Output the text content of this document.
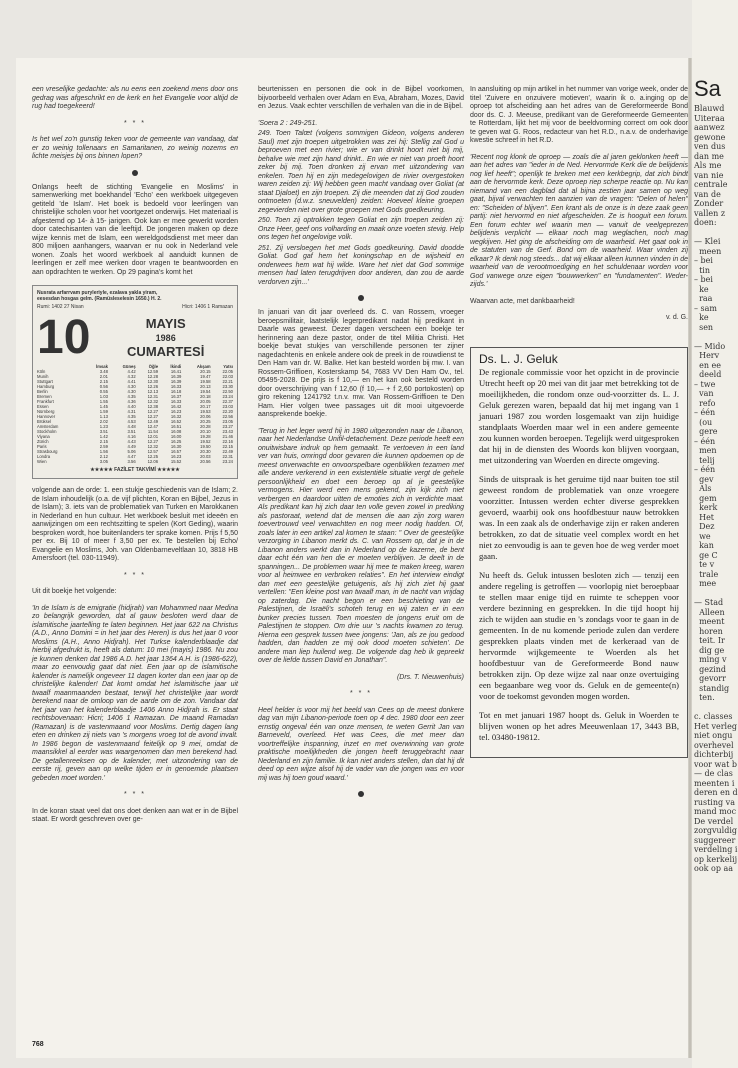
een vreselijke gedachte: als nu eens een zoekend mens door ons gedrag was afgeschrikt en de kerk en het Evangelie voor altijd de rug had toegekeerd!

* * *

Is het wel zo'n gunstig teken voor de gemeente van vandaag, dat er zo weinig tollenaars en Samaritanen, zo weinig nozems en lichte meisjes bij ons binnen lopen?

Onlangs heeft de stichting 'Evangelie en Moslims' in samenwerking met boekhandel 'Echo' een werkboek uitgegeven getiteld 'de Islam'. Het boek is bedoeld voor leerlingen van christelijke scholen voor het voortgezet onderwijs. Het materiaal is afgestemd op 14- à 15- jarigen. Ook kan er mee gewerkt worden door catechisanten van die leeftijd. De jongeren maken op deze wijze kennis met de Islam, een wereldgodsdienst met meer dan 800 miljoen aanhangers, waarvan er nu ook in Nederland vele wonen. Zoals het woord werkboek al aanduidt kunnen de leerlingen er zelf mee werken door vragen te beantwoorden en aan opdrachten te werken. Op 29 pagina's komt het

Nusrata arfarrvam puryleriyle, ezalava yakla yiram,
eesesdan hosgas gelm. (Ramüsleselesin 1650.) H. 2.
Rumi: 1402 27 Nisan	Hicri: 1406 1 Ramazan
10	MAYIS
1986
CUMARTESİ
	İmsak	Güneş	Öğle	İkindi	Akşam	Yatsı
Köln	3.48	4.42	12.59	16.41	20.15	22.05
Munih	2.01	4.32	12.28	16.39	19.47	22.03
Stuttgart	2.15	4.41	12.30	16.39	19.58	22.21
Hamburg	0.56	4.30	12.26	16.33	20.13	23.30
Berlin	0.55	4.30	12.13	16.18	19.54	22.50
Bremen	1.03	4.35	12.31	16.37	20.18	23.24
Frankfurt	1.55	4.36	12.32	16.33	20.05	22.37
Essen	1.45	4.40	12.38	16.42	20.17	23.03
Nürnberg	1.59	4.31	12.27	16.23	19.53	22.20
Hannover	1.13	4.35	12.27	16.32	20.06	22.56
Brüksel	2.02	4.53	12.49	16.52	20.25	23.05
Amsterdam	1.23	4.48	12.47	16.51	20.28	23.27
Stockholm	3.51	3.51	11.54	16.08	20.10	23.43
Viyana	1.42	4.16	12.01	16.00	19.28	21.46
Zürich	2.15	4.43	12.27	16.25	19.52	22.16
Paris	2.59	4.49	12.32	16.30	19.50	22.15
Strasbourg	1.56	5.06	12.57	16.57	20.30	22.49
Londra	2.12	4.47	12.25	16.23	20.03	22.31
Wien	3.05	3.56	12.06	15.52	20.56	23.24
★★★★★ FAZİLET TAKVİMİ ★★★★★

volgende aan de orde: 1. een stukje geschiedenis van de Islam; 2. de Islam inhoudelijk (o.a. de vijf plichten, Koran en Bijbel, Jezus in de Islam); 3. iets van de problematiek van Turken en Marokkanen in Nederland en hun cultuur. Het werkboek besluit met ideeën en aanwijzingen om een rechtszitting te spelen (Kort Geding), waarin besproken wordt, hoe buitenlanders ter sprake komen. Prijs f 5,50 per ex. Bij 10 of meer f 3,50 per ex. Te bestellen bij Echo/ Evangelie en Moslims, Joh. van Oldenbarneveltlaan 10, 3818 HB Amersfoort (tel. 030-11949).

* * *

Uit dit boekje het volgende:

'In de Islam is de emigratie (hidjrah) van Mohammed naar Medina zo belangrijk geworden, dat al gauw besloten werd daar de islamitische jaartelling te laten beginnen. Het jaar 622 na Christus (A.D., Anno Domini = in het jaar des Heren) is dus het jaar 0 voor Moslims (A.H., Anno Hidjrah). Het Turkse kalenderblaadje dat hierbij afgedrukt is, heeft als datum: 10 mei (mayis) 1986. Nu zou je kunnen denken dat 1986 A.D. het jaar 1364 A.H. is (1986-622), maar zo eenvoudig gaat dat niet. Een jaar op de islamitische kalender is namelijk ongeveer 11 dagen korter dan een jaar op de christelijke kalender! Dat komt omdat het islamitische jaar uit twaalf maanmaanden bestaat, terwijl het christelijke jaar wordt berekend naar de omloop van de aarde om de zon. Vandaar dat het jaar van het kalenderblaadje 1406 Anno Hidjrah is. Er staat rechtsbovenaan: Hicri; 1406 1 Ramazan. De maand Ramadan (Ramazan) is de vastenmaand voor Moslims. Dertig dagen lang eten en drinken zij niets van 's morgens vroeg tot de avond invalt. In 1986 begon de vastenmaand feitelijk op 9 mei, omdat de maansikkel al eerder was waargenomen dan men berekend had. De getallenreeksen op de kalender, met uitzondering van de eerste rij, geven aan op welke tijden er in genoemde plaatsen gebeden moet worden.'

* * *

In de koran staat veel dat ons doet denken aan wat er in de Bijbel staat. Er wordt geschreven over ge-

beurtenissen en personen die ook in de Bijbel voorkomen, bijvoorbeeld verhalen over Adam en Eva, Abraham, Mozes, David en Jezus. Vaak echter verschillen de verhalen van die in de Bijbel.

'Soera 2 : 249-251.

249. Toen Talœt (volgens sommigen Gideon, volgens anderen Saul) met zijn troepen uitgetrokken was zei hij: Stellig zal God u beproeven met een rivier; wie er van drinkt hoort niet bij mij, behalve wie met zijn hand drinkt.. En wie er niet van proeft hoort zeker bij mij. Toen dronken zij ervan met uitzondering van enkelen. Toen hij en zijn medegelovigen de rivier overgestoken waren zeiden zij: Wij hebben geen macht vandaag over Goliat (at staat Djaloet) en zijn troepen. Zij die meenden dat zij God zouden ontmoeten (d.w.z. sneuvelden) zeiden: Hoeveel kleine groepen zegevierden niet over grote groepen met Gods goedkeuring.

250. Toen zij optrokken tegen Goliat en zijn troepen zeiden zij: Onze Heer, geef ons volharding en maak onze voeten stevig. Help ons tegen het ongelovige volk.

251. Zij versloegen het met Gods goedkeuring. David doodde Goliat. God gaf hem het koningschap en de wijsheid en onderwees hem wat hij wilde. Ware het niet dat God sommige mensen had laten terugdrijven door anderen, dan zou de aarde verdorven zijn...'

In januari van dit jaar overleed ds. C. van Rossem, vroeger beroepsmilitair, laatstelijk legerpredikant nadat hij predikant in Daarle was geweest. Dezer dagen verscheen een boekje ter herinnering aan deze pastor, onder de titel Militia Christi. Het boekje bevat stukjes van verschillende personen ter zijner nagedachtenis en enkele andere ook de preek in de rouwdienst te Den Ham van dr. W. Balke. Het kan besteld worden bij mw. I. van Rossem-Griffioen, Kosterskamp 54, 7683 VV Den Ham Ov., tel. 05495-2028. De prijs is f 10,— en het kan ook besteld worden door overschrijving van f 12,60 (f 10,— + f 2,60 portokosten) op giro rekening 1241792 t.n.v. mw. Van Rossem-Griffioen te Den Ham. Hier volgen twee passages uit dit mooi uitgevoerde aansprekende boekje.

'Terug in het leger werd hij in 1980 uitgezonden naar de Libanon, naar het Nederlandse Unifil-detachement. Deze periode heeft een onuitwisbare indruk op hem gemaakt. Te vertoeven in een land ver van huis, omringd door gevaren die kunnen opdoemen op de meest onverwachte en onvoorspelbare ogenblikken tezamen met alle andere verkerend in een existentiële situatie vergt de gehele persoonlijkheid en doet een beroep op al je geestelijke vermogens. Hier werd een mens gekend, zijn kijk zich niet verbergen en daardoor uitten de emoties zich in verdichte maat. Als predikant kan hij zich daar ten volle geven zowel in prediking als pastoraat, wetend dat de mensen die aan zijn zorg waren toevertrouwd veel verwachtten en nog meer nodig hadden. Of, zoals later in een artikel zal komen te staan: " Over de geestelijke verzorging in Libanon merkt ds. C. van Rossem op, dat je in de Libanon anders werkt dan in Nederland op de kazerne, de bent daar echt één van hen die er moeten verblijven. Je deelt in de spanningen... De problemen waar hij mee te maken kreeg, waren voor al heimwee en verbroken relaties". En het interview eindigt dan met een geestelijke getuigenis, als hij zich ziet hij gaat vertellen: "Een kleine post van twaalf man, in de nacht van vrijdag op zaterdag. Die nacht begon er een beschieting van de Palestijnen, de Israëli's schoteh terug en wij zaten er in een bunker precies tussen. Toen moesten de jongens eruit om de Palestijnen te stoppen. Om drie uur 's nachts kwamen zo terug. Hierna een gesprek tussen twee jongens: 'Jan, als ze jou gedood hadden, dan hadden ze mij ook dood moeten schieten'. De andere man liep huilend weg. De volgende dag heb ik gepreekt over de liefde tussen David en Jonathan".

(Drs. T. Nieuwenhuis)
* * *

Heel helder is voor mij het beeld van Cees op de meest donkere dag van mijn Libanon-periode toen op 4 dec. 1980 door een zeer ernstig ongeval één van onze mensen, te weten Gerrit Jan van Barneveld, overleed. Het was Cees, die met meer dan voortreffelijke inspanning, inzet en met overwinning van grote praktische moeilijkheden die jongen heeft teruggebracht naar Nederland en zijn familie. Ik kan niet anders stellen, dan dat hij dit deed op een wijze alsof hij de vader van die jongen was en voor mij was hij toen goud waard.'

In aansluiting op mijn artikel in het nummer van vorige week, onder de titel 'Zuivere en onzuivere motieven', waarin ik o. a.inging op de oproep tot afscheiding aan het adres van de Gereformeerde Bond door ds. C. J. Meeuse, predikant van de Gereformeerde Gemeenten te Rotterdam, lijkt het mij voor de beeldvorming correct om ook door te geven wat G. Roos, redacteur van het R.D., n.a.v. de onderhavige kwestie schreef in het R.D.

'Recent nog klonk de oproep — zoals die al jaren geklonken heeft — aan het adres van "ieder in de Ned. Hervormde Kerk die de belijdenis nog lief heeft"; openlijk te breken met een kerkbegrip, dat zich bindt aan de hervormde kerk. Deze oproep riep scherpe reactie op. Nu kan niemand van een dagblad dat al bijna zestien jaar samen op weg gaat, bijval verwachten ten aanzien van de vragen: "Delen of helen" en: "Scheiden of blijven". Een krant als de onze is in deze zaak geen partij: niet hervormd en niet afgescheiden. Ze is hooguit een forum. Een forum echter wel waarin men — vanuit de veelgeprezen belijdenis verplicht — elkaar noch mag weglachen, noch mag wegkijven. Het ging de afscheiding om de waarheid. Het gaat ook in de statuten van de Gerf. Bond om de waarheid. Waar vinden zij elkaar? Ik denk nog steeds... dat wij elkaar alleen kunnen vinden in de waarheid van de verootmoediging en het schuldenaar worden voor God vanwege onze eigen "bouwwerken" en "fundamenten". Weder-zijds.'

Waarvan acte, met dankbaarheid!

v. d. G.
Ds. L. J. Geluk

De regionale commissie voor het opzicht in de provincie Utrecht heeft op 20 mei van dit jaar met betrekking tot de moeilijkheden, die rondom onze oud-voorzitter ds. L. J. Geluk gerezen waren, bepaald dat hij met ingang van 1 januari 1987 zou worden losgemaakt van zijn huidige standplaats Woerden maar wel in een andere gemeente zou kunnen worden beroepen. Tegelijk werd uitgesproken dat hij in de diensten des Woords kon blijven voorgaan, met uitzondering van Woerden en directe omgeving.

Sinds de uitspraak is het geruime tijd naar buiten toe stil geweest rondom de problematiek van onze vroegere voorzitter. Intussen werden echter diverse gesprekken gevoerd, waarbij ook ons hoofdbestuur nauw betrokken was. In een zaak als de onderhavige zijn er raken anderen betrokken, zo dat de situatie veel complex wordt en het niet zo eenvoudig is aan te geven hoe de weg verder moet gaan.

Nu heeft ds. Geluk intussen besloten zich — tenzij een andere regeling is getroffen — voorlopig niet beroepbaar te stellen maar enige tijd en ruimte te scheppen voor verdere bezinning en gesprekken. In die tijd hoopt hij zich te wijden aan studie en 's zondags voor te gaan in de gemeenten. In de nu komende periode zulen dan verdere gesprekken plaats vinden met de kerkeraad van de hervormde wijkgemeente te Woerden als het hoofdbestuur van de Gereformeerde Bond nauw betrokken zijn. Op deze wijze zal naar onze overtuiging een begaanbare weg voor ds. Geluk en de gemeente(n) voor de toekomst gevonden mogen worden.

Tot en met januari 1987 hoopt ds. Geluk in Woerden te blijven wonen op het adres Meeuwenlaan 17, 3443 BB, tel. 03480-19812.

768
Sa
Blauwd
Uiteraa
aanwez
gewone
ven dus
dan me
Als me
van nie
centrale
van de
Zonder
vallen z
doen:

— Klei
meen
– bei
tin
– bei
ke
raa
– sam
ke
sen

— Mido
Herv
en ee
deeld
– twe
van
refo
– één
(ou
gere
– één
men
telij
– één
gev
Als
gem
kerk
Het
Dez
we
kan
ge C
te v
trale
mee

— Stad
Alleen
meent
horen
teit. Ir
dig ge
ming v
gezind
gevorr
standig
ten.

c. classes
Het verleg
niet ongu
overhevel
dichterbij
voor wat b
— de clas
meenten i
deren en d
rusting va
mand moc
De verdel
zorgvuldig
suggereer
verdeling i
op kerkelij
ook op aa
